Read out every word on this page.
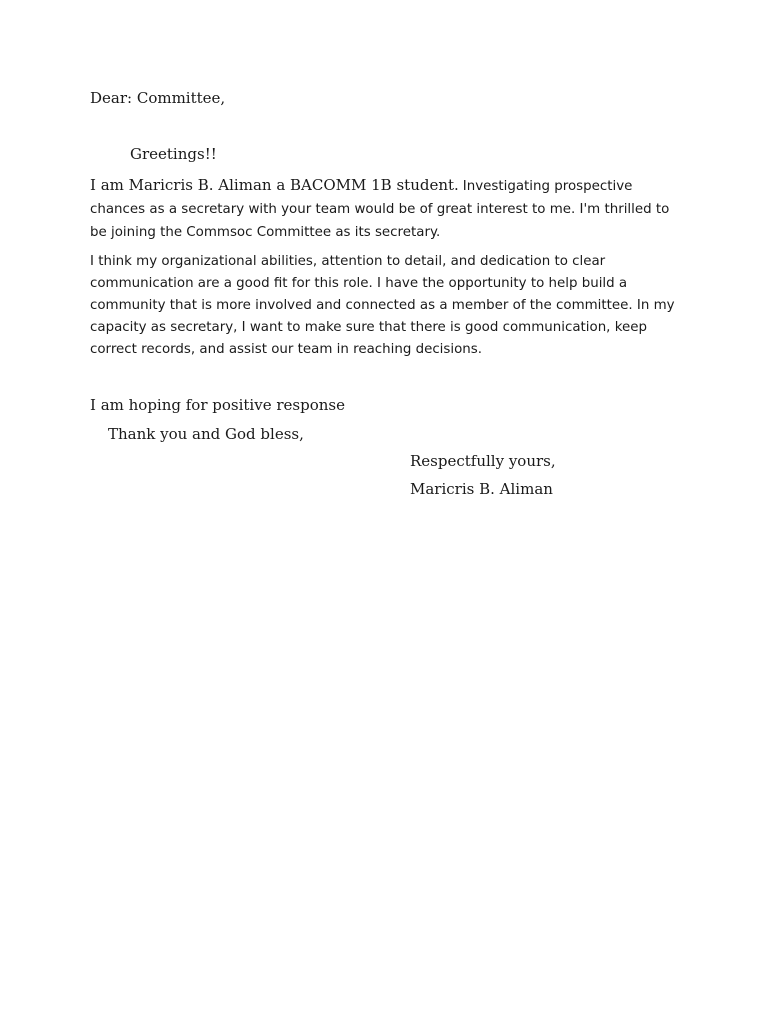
Dear: Committee,
Greetings!!

I am Maricris B. Aliman a BACOMM 1B student. Investigating prospective chances as a secretary with your team would be of great interest to me. I'm thrilled to be joining the Commsoc Committee as its secretary.

I think my organizational abilities, attention to detail, and dedication to clear communication are a good fit for this role. I have the opportunity to help build a community that is more involved and connected as a member of the committee. In my capacity as secretary, I want to make sure that there is good communication, keep correct records, and assist our team in reaching decisions.

I am hoping for positive response
Thank you and God bless,
Respectfully yours,
Maricris B. Aliman
